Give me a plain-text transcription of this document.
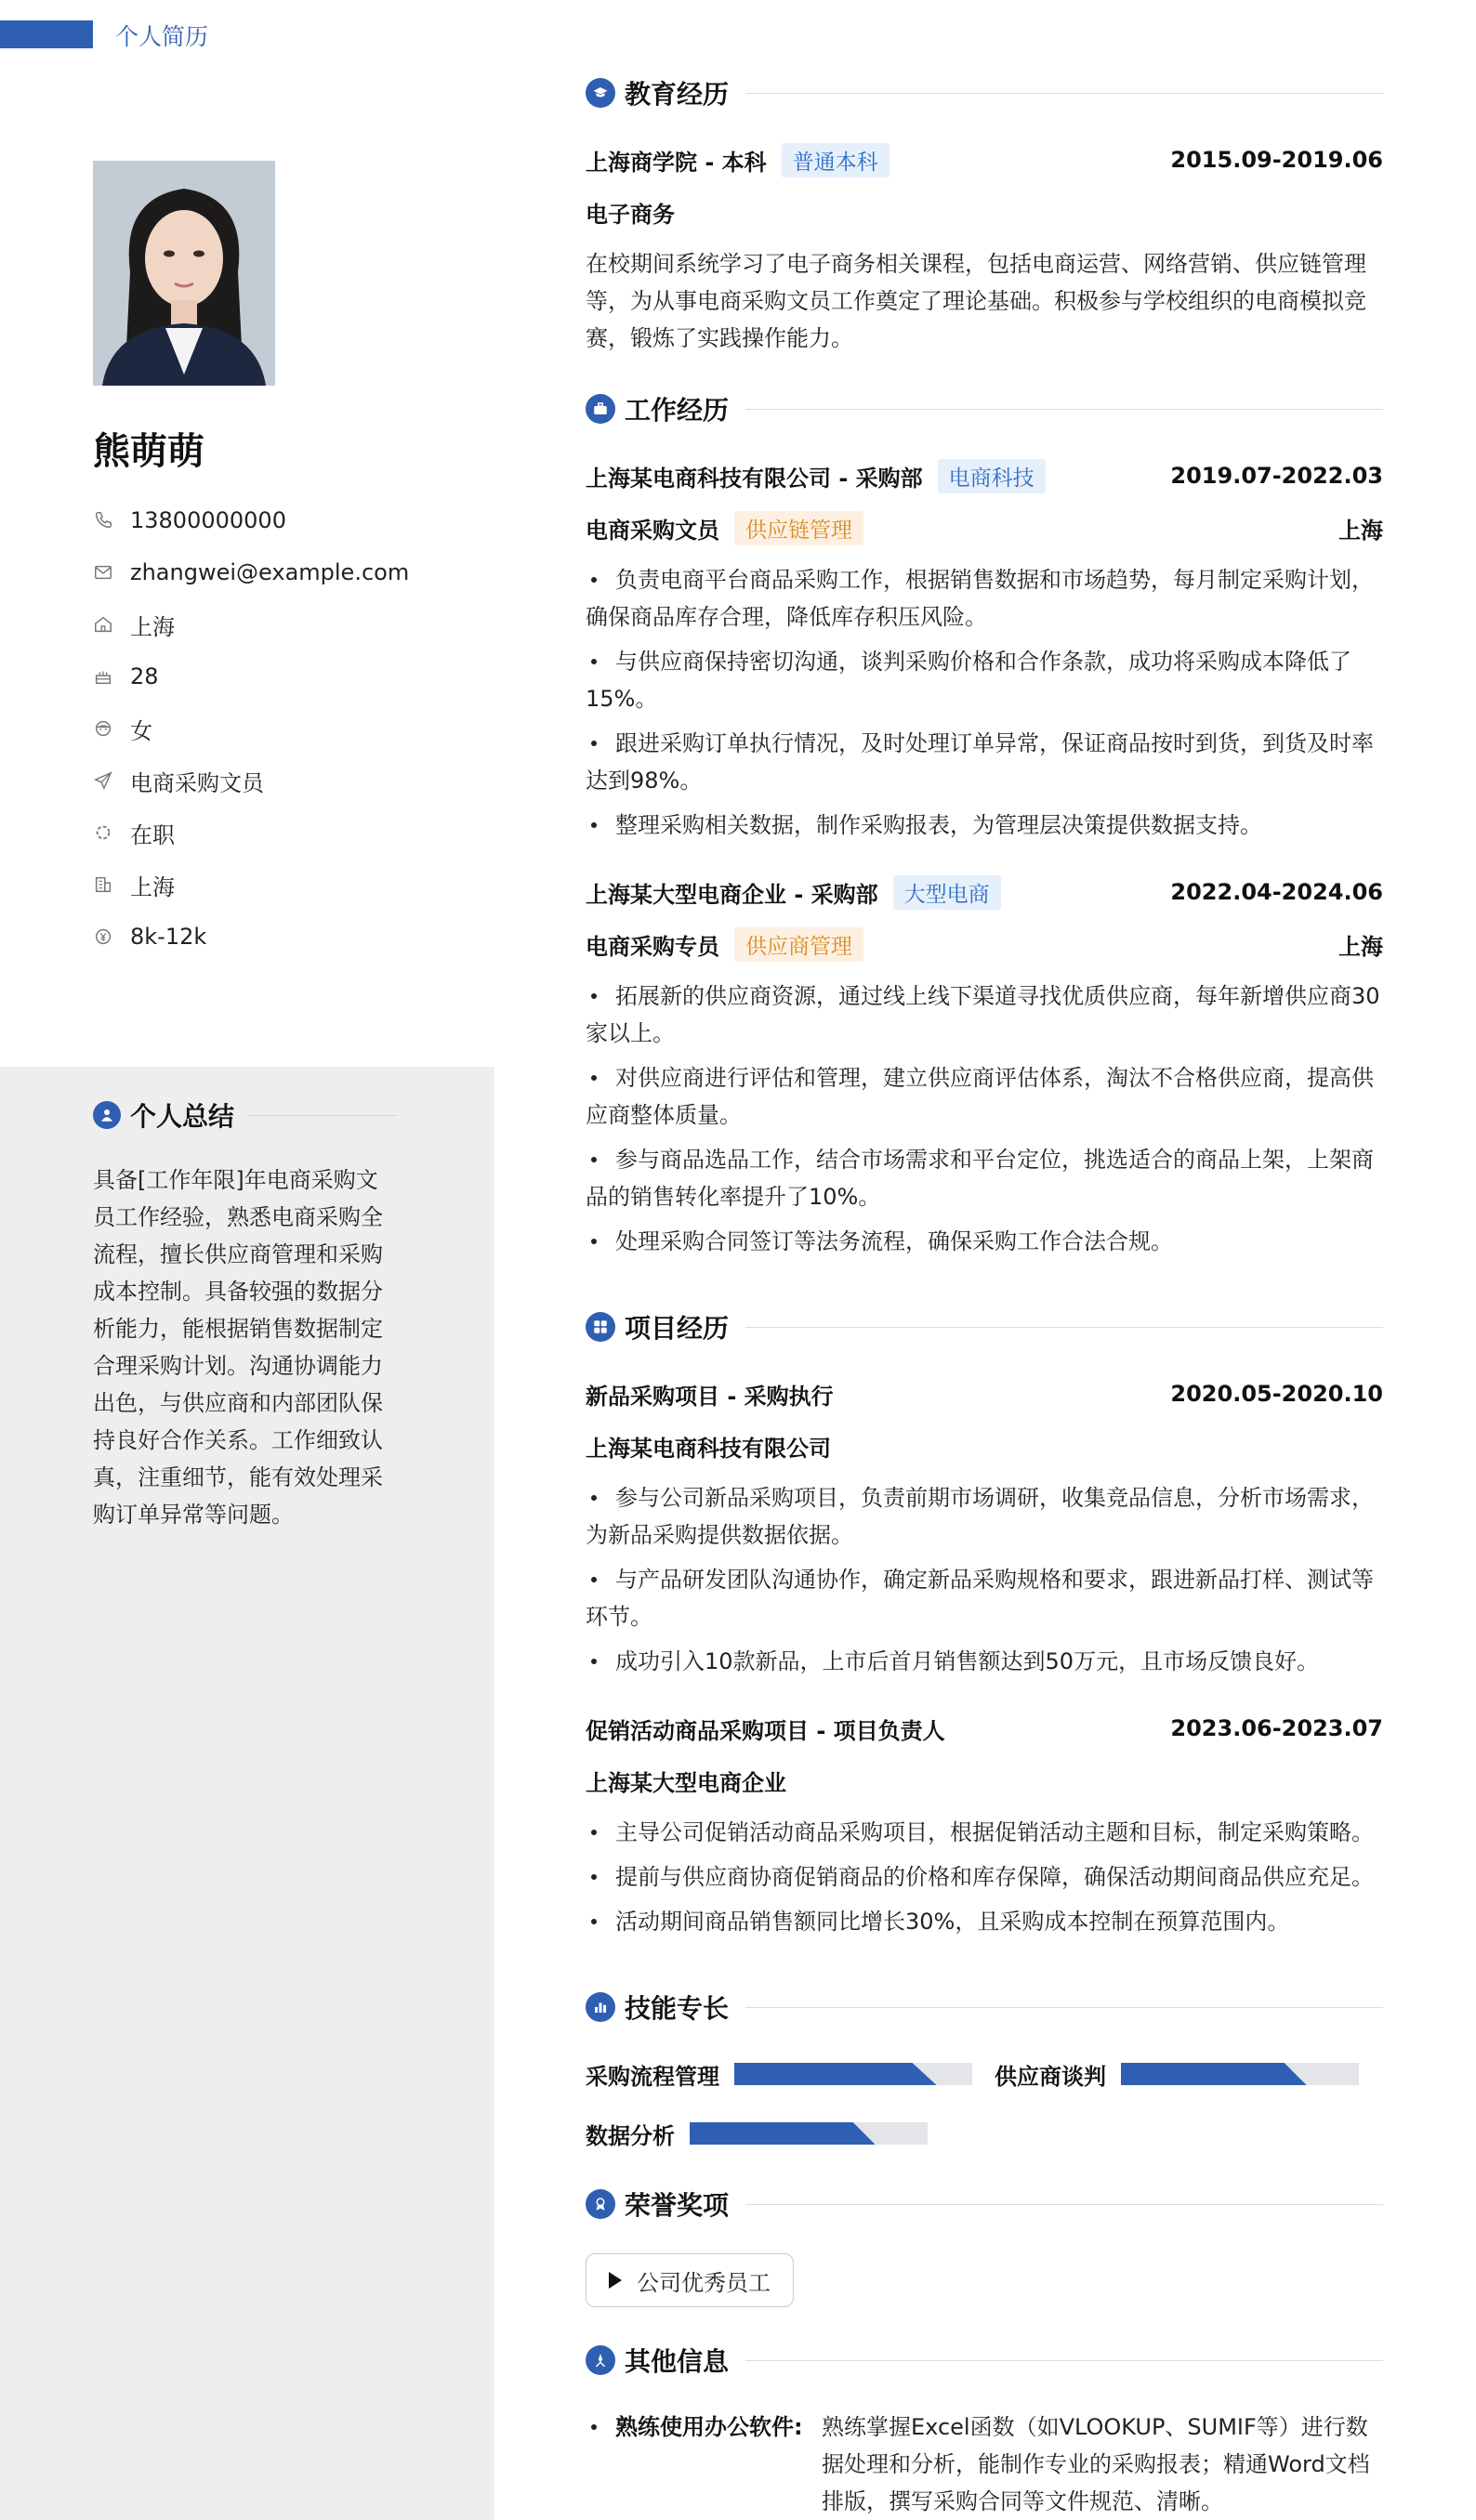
个人简历
熊萌萌
13800000000
zhangwei@example.com
上海
28
女
电商采购文员
在职
上海
8k-12k
个人总结
具备[工作年限]年电商采购文员工作经验，熟悉电商采购全流程，擅长供应商管理和采购成本控制。具备较强的数据分析能力，能根据销售数据制定合理采购计划。沟通协调能力出色，与供应商和内部团队保持良好合作关系。工作细致认真，注重细节，能有效处理采购订单异常等问题。
教育经历
上海商学院 - 本科	普通本科	2015.09-2019.06
电子商务
在校期间系统学习了电子商务相关课程，包括电商运营、网络营销、供应链管理等，为从事电商采购文员工作奠定了理论基础。积极参与学校组织的电商模拟竞赛，锻炼了实践操作能力。
工作经历
上海某电商科技有限公司 - 采购部	电商科技	2019.07-2022.03
电商采购文员	供应链管理	上海
负责电商平台商品采购工作，根据销售数据和市场趋势，每月制定采购计划，确保商品库存合理，降低库存积压风险。
与供应商保持密切沟通，谈判采购价格和合作条款，成功将采购成本降低了15%。
跟进采购订单执行情况，及时处理订单异常，保证商品按时到货，到货及时率达到98%。
整理采购相关数据，制作采购报表，为管理层决策提供数据支持。
上海某大型电商企业 - 采购部	大型电商	2022.04-2024.06
电商采购专员	供应商管理	上海
拓展新的供应商资源，通过线上线下渠道寻找优质供应商，每年新增供应商30家以上。
对供应商进行评估和管理，建立供应商评估体系，淘汰不合格供应商，提高供应商整体质量。
参与商品选品工作，结合市场需求和平台定位，挑选适合的商品上架，上架商品的销售转化率提升了10%。
处理采购合同签订等法务流程，确保采购工作合法合规。
项目经历
新品采购项目 - 采购执行	2020.05-2020.10
上海某电商科技有限公司
参与公司新品采购项目，负责前期市场调研，收集竞品信息，分析市场需求，为新品采购提供数据依据。
与产品研发团队沟通协作，确定新品采购规格和要求，跟进新品打样、测试等环节。
成功引入10款新品，上市后首月销售额达到50万元，且市场反馈良好。
促销活动商品采购项目 - 项目负责人	2023.06-2023.07
上海某大型电商企业
主导公司促销活动商品采购项目，根据促销活动主题和目标，制定采购策略。
提前与供应商协商促销商品的价格和库存保障，确保活动期间商品供应充足。
活动期间商品销售额同比增长30%，且采购成本控制在预算范围内。
技能专长
采购流程管理	供应商谈判
数据分析
荣誉奖项
公司优秀员工
其他信息
熟练使用办公软件: 熟练掌握Excel函数（如VLOOKUP、SUMIF等）进行数据处理和分析，能制作专业的采购报表；精通Word文档排版，撰写采购合同等文件规范、清晰。
